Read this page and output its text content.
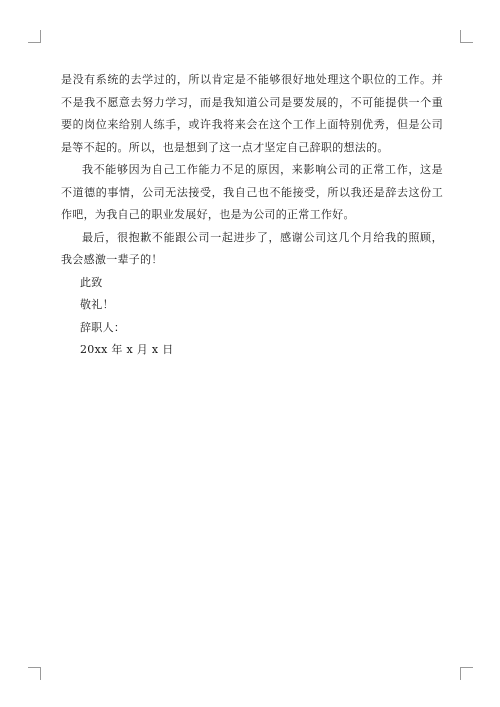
是没有系统的去学过的，所以肯定是不能够很好地处理这个职位的工作。并不是我不愿意去努力学习，而是我知道公司是要发展的，不可能提供一个重要的岗位来给别人练手，或许我将来会在这个工作上面特别优秀，但是公司是等不起的。所以，也是想到了这一点才坚定自己辞职的想法的。

我不能够因为自己工作能力不足的原因，来影响公司的正常工作，这是不道德的事情，公司无法接受，我自己也不能接受，所以我还是辞去这份工作吧，为我自己的职业发展好，也是为公司的正常工作好。

最后，很抱歉不能跟公司一起进步了，感谢公司这几个月给我的照顾，我会感激一辈子的！

此致

敬礼！

辞职人：

20xx 年 x 月 x 日
